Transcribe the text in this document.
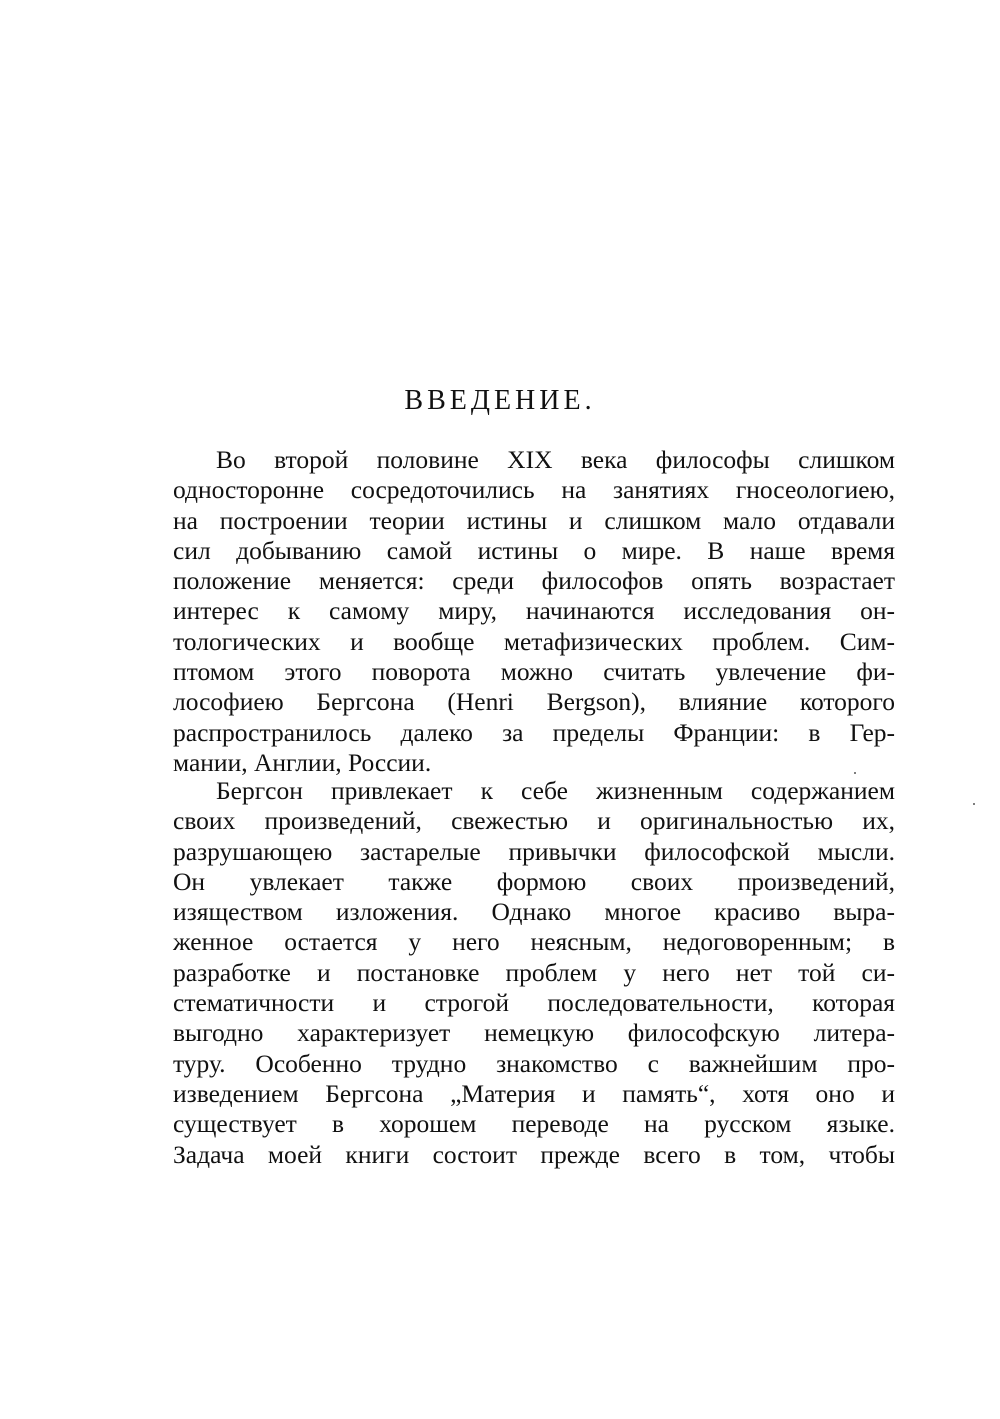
ВВЕДЕНИЕ.
Во второй половине XIX века философы слишком
односторонне сосредоточились на занятиях гносеологиею,
на построении теории истины и слишком мало отдавали
сил добыванию самой истины о мире. В наше время
положение меняется: среди философов опять возрастает
интерес к самому миру, начинаются исследования он-
тологических и вообще метафизических проблем. Сим-
птомом этого поворота можно считать увлечение фи-
лософиею Бергсона (Henri Bergson), влияние которого
распространилось далеко за пределы Франции: в Гер-
мании, Англии, России.
Бергсон привлекает к себе жизненным содержанием
своих произведений, свежестью и оригинальностью их,
разрушающею застарелые привычки философской мысли.
Он увлекает также формою своих произведений,
изяществом изложения. Однако многое красиво выра-
женное остается у него неясным, недоговоренным; в
разработке и постановке проблем у него нет той си-
стематичности и строгой последовательности, которая
выгодно характеризует немецкую философскую литера-
туру. Особенно трудно знакомство с важнейшим про-
изведением Бергсона „Материя и память“, хотя оно и
существует в хорошем переводе на русском языке.
Задача моей книги состоит прежде всего в том, чтобы
